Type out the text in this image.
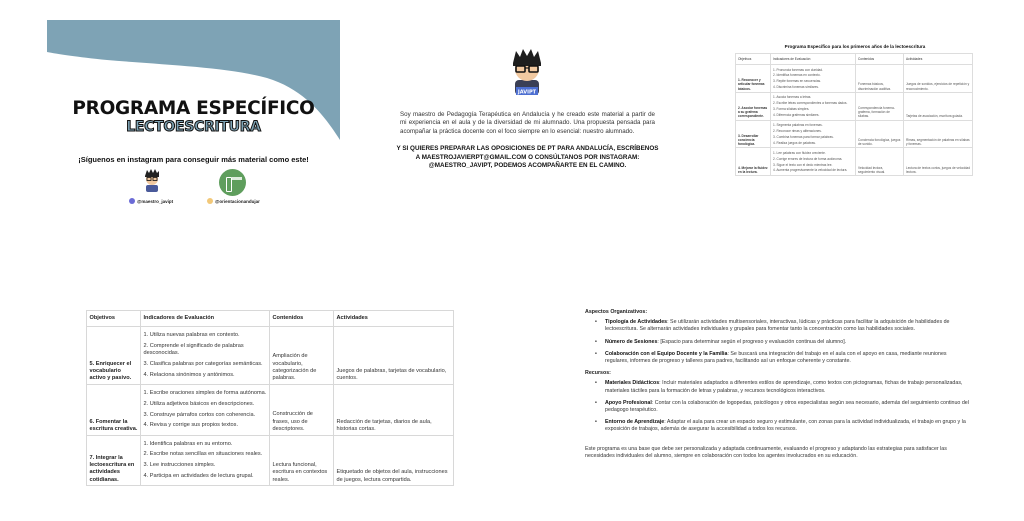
PROGRAMA ESPECÍFICO
LECTOESCRITURA
¡Síguenos en instagram para conseguir más material como este!
@maestro_javipt	@orientacionandujar
JAVIPT
Soy maestro de Pedagogía Terapéutica en Andalucía y he creado este material a partir de mi experiencia en el aula y de la diversidad de mi alumnado. Una propuesta pensada para acompañar la práctica docente con el foco siempre en lo esencial: nuestro alumnado.
Y SI QUIERES PREPARAR LAS OPOSICIONES DE PT PARA ANDALUCÍA, ESCRÍBENOS A MAESTROJAVIERPT@GMAIL.COM O CONSÚLTANOS POR INSTAGRAM: @MAESTRO_JAVIPT, PODEMOS ACOMPAÑARTE EN EL CAMINO.
Programa Específico para los primeros años de la lectoescritura
Objetivos	Indicadores de Evaluación	Contenidos	Actividades
1. Reconocer y articular fonemas básicos.	1. Pronuncia fonemas con claridad.
2. Identifica fonemas en contexto.
3. Repite fonemas en secuencias.
4. Discrimina fonemas similares.	Fonemas básicos, discriminación auditiva.	Juegos de sonidos, ejercicios de repetición y reconocimiento.
2. Asociar fonemas a su grafema correspondiente.	1. Asocia fonemas a letras.
2. Escribe letras correspondientes a fonemas dados.
3. Forma sílabas simples.
4. Diferencia grafemas similares.	Correspondencia fonema-grafema, formación de sílabas.	Tarjetas de asociación, escritura guiada.
3. Desarrollar conciencia fonológica.	1. Segmenta palabras en fonemas.
2. Reconoce rimas y aliteraciones.
3. Combina fonemas para formar palabras.
4. Realiza juegos de palabras.	Conciencia fonológica, juegos de sonido.	Rimas, segmentación de palabras en sílabas y fonemas.
4. Mejorar la fluidez en la lectura.	1. Lee palabras con fluidez creciente.
2. Corrige errores de lectura de forma autónoma.
3. Sigue el texto con el dedo mientras lee.
4. Aumenta progresivamente la velocidad de lectura.	Velocidad lectora, seguimiento visual.	Lectura de textos cortos, juegos de velocidad lectora.
Objetivos	Indicadores de Evaluación	Contenidos	Actividades
5. Enriquecer el vocabulario activo y pasivo.	1. Utiliza nuevas palabras en contexto.
2. Comprende el significado de palabras desconocidas.
3. Clasifica palabras por categorías semánticas.
4. Relaciona sinónimos y antónimos.	Ampliación de vocabulario, categorización de palabras.	Juegos de palabras, tarjetas de vocabulario, cuentos.
6. Fomentar la escritura creativa.	1. Escribe oraciones simples de forma autónoma.
2. Utiliza adjetivos básicos en descripciones.
3. Construye párrafos cortos con coherencia.
4. Revisa y corrige sus propios textos.	Construcción de frases, uso de descriptores.	Redacción de tarjetas, diarios de aula, historias cortas.
7. Integrar la lectoescritura en actividades cotidianas.	1. Identifica palabras en su entorno.
2. Escribe notas sencillas en situaciones reales.
3. Lee instrucciones simples.
4. Participa en actividades de lectura grupal.	Lectura funcional, escritura en contextos reales.	Etiquetado de objetos del aula, instrucciones de juegos, lectura compartida.
Aspectos Organizativos:
• Tipología de Actividades: Se utilizarán actividades multisensoriales, interactivas, lúdicas y prácticas para facilitar la adquisición de habilidades de lectoescritura. Se alternarán actividades individuales y grupales para fomentar tanto la concentración como las habilidades sociales.
• Número de Sesiones: [Espacio para determinar según el progreso y evaluación continua del alumno].
• Colaboración con el Equipo Docente y la Familia: Se buscará una integración del trabajo en el aula con el apoyo en casa, mediante reuniones regulares, informes de progreso y talleres para padres, facilitando así un enfoque coherente y constante.
Recursos:
• Materiales Didácticos: Incluir materiales adaptados a diferentes estilos de aprendizaje, como textos con pictogramas, fichas de trabajo personalizadas, materiales táctiles para la formación de letras y palabras, y recursos tecnológicos interactivos.
• Apoyo Profesional: Contar con la colaboración de logopedas, psicólogos y otros especialistas según sea necesario, además del seguimiento continuo del pedagogo terapéutico.
• Entorno de Aprendizaje: Adaptar el aula para crear un espacio seguro y estimulante, con zonas para la actividad individualizada, el trabajo en grupo y la exposición de trabajos, además de asegurar la accesibilidad a todos los recursos.
Este programa es una base que debe ser personalizada y adaptada continuamente, evaluando el progreso y adaptando las estrategias para satisfacer las necesidades individuales del alumno, siempre en colaboración con todos los agentes involucrados en su educación.
